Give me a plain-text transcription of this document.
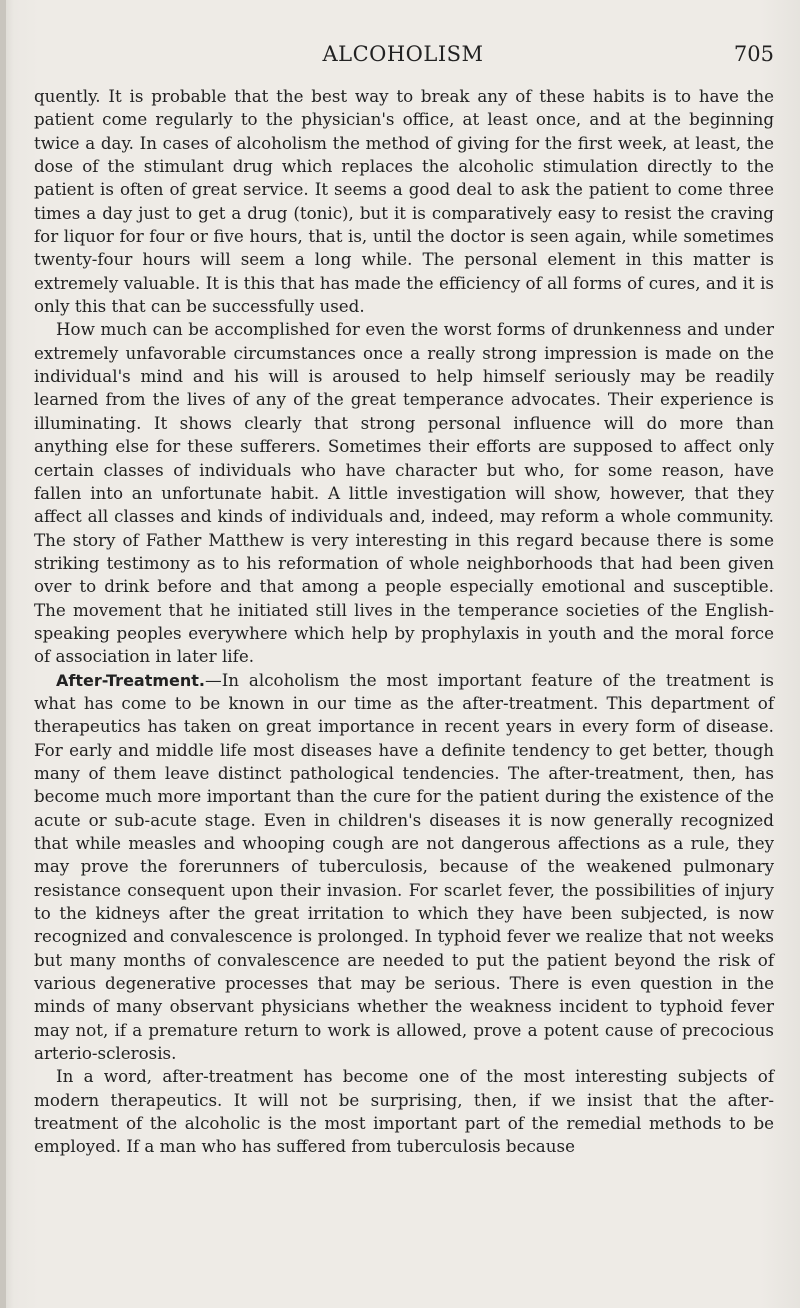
ALCOHOLISM	705

quently. It is probable that the best way to break any of these habits is to have the patient come regularly to the physician's office, at least once, and at the beginning twice a day. In cases of alcoholism the method of giving for the first week, at least, the dose of the stimulant drug which replaces the alcoholic stimulation directly to the patient is often of great service. It seems a good deal to ask the patient to come three times a day just to get a drug (tonic), but it is comparatively easy to resist the craving for liquor for four or five hours, that is, until the doctor is seen again, while sometimes twenty-four hours will seem a long while. The personal element in this matter is extremely valuable. It is this that has made the efficiency of all forms of cures, and it is only this that can be successfully used.

How much can be accomplished for even the worst forms of drunkenness and under extremely unfavorable circumstances once a really strong impression is made on the individual's mind and his will is aroused to help himself seriously may be readily learned from the lives of any of the great temperance advocates. Their experience is illuminating. It shows clearly that strong personal influence will do more than anything else for these sufferers. Sometimes their efforts are supposed to affect only certain classes of individuals who have character but who, for some reason, have fallen into an unfortunate habit. A little investigation will show, however, that they affect all classes and kinds of individuals and, indeed, may reform a whole community. The story of Father Matthew is very interesting in this regard because there is some striking testimony as to his reformation of whole neighborhoods that had been given over to drink before and that among a people especially emotional and susceptible. The movement that he initiated still lives in the temperance societies of the English-speaking peoples everywhere which help by prophylaxis in youth and the moral force of association in later life.

After-Treatment.—In alcoholism the most important feature of the treatment is what has come to be known in our time as the after-treatment. This department of therapeutics has taken on great importance in recent years in every form of disease. For early and middle life most diseases have a definite tendency to get better, though many of them leave distinct pathological tendencies. The after-treatment, then, has become much more important than the cure for the patient during the existence of the acute or sub-acute stage. Even in children's diseases it is now generally recognized that while measles and whooping cough are not dangerous affections as a rule, they may prove the forerunners of tuberculosis, because of the weakened pulmonary resistance consequent upon their invasion. For scarlet fever, the possibilities of injury to the kidneys after the great irritation to which they have been subjected, is now recognized and convalescence is prolonged. In typhoid fever we realize that not weeks but many months of convalescence are needed to put the patient beyond the risk of various degenerative processes that may be serious. There is even question in the minds of many observant physicians whether the weakness incident to typhoid fever may not, if a premature return to work is allowed, prove a potent cause of precocious arterio-sclerosis.

In a word, after-treatment has become one of the most interesting subjects of modern therapeutics. It will not be surprising, then, if we insist that the after-treatment of the alcoholic is the most important part of the remedial methods to be employed. If a man who has suffered from tuberculosis because
